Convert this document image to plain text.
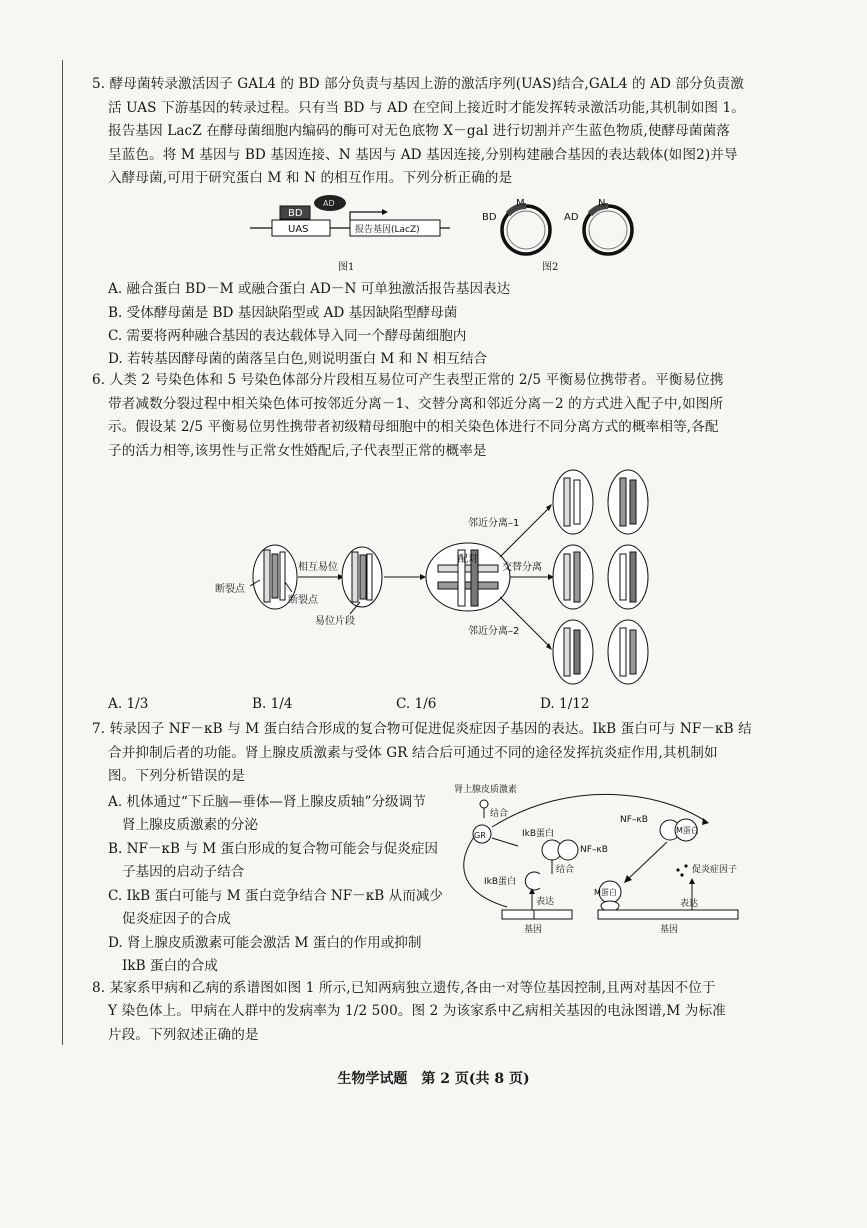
5. 酵母菌转录激活因子 GAL4 的 BD 部分负责与基因上游的激活序列(UAS)结合,GAL4 的 AD 部分负责激
活 UAS 下游基因的转录过程。只有当 BD 与 AD 在空间上接近时才能发挥转录激活功能,其机制如图 1。
报告基因 LacZ 在酵母菌细胞内编码的酶可对无色底物 X－gal 进行切割并产生蓝色物质,使酵母菌菌落
呈蓝色。将 M 基因与 BD 基因连接、N 基因与 AD 基因连接,分别构建融合基因的表达载体(如图2)并导
入酵母菌,可用于研究蛋白 M 和 N 的相互作用。下列分析正确的是
BD
AD
UAS	报告基因(LacZ)
图1
BD
M
AD
N
图2
A. 融合蛋白 BD－M 或融合蛋白 AD－N 可单独激活报告基因表达
B. 受体酵母菌是 BD 基因缺陷型或 AD 基因缺陷型酵母菌
C. 需要将两种融合基因的表达载体导入同一个酵母菌细胞内
D. 若转基因酵母菌的菌落呈白色,则说明蛋白 M 和 N 相互结合
6. 人类 2 号染色体和 5 号染色体部分片段相互易位可产生表型正常的 2/5 平衡易位携带者。平衡易位携
带者减数分裂过程中相关染色体可按邻近分离－1、交替分离和邻近分离－2 的方式进入配子中,如图所
示。假设某 2/5 平衡易位男性携带者初级精母细胞中的相关染色体进行不同分离方式的概率相等,各配
子的活力相等,该男性与正常女性婚配后,子代表型正常的概率是
断裂点
断裂点
相互易位
易位片段
配对
邻近分离–1
交替分离
邻近分离–2
A. 1/3	B. 1/4	C. 1/6	D. 1/12
7. 转录因子 NF－κB 与 M 蛋白结合形成的复合物可促进促炎症因子基因的表达。IkB 蛋白可与 NF－κB 结
合并抑制后者的功能。肾上腺皮质激素与受体 GR 结合后可通过不同的途径发挥抗炎症作用,其机制如
图。下列分析错误的是
A. 机体通过“下丘脑—垂体—肾上腺皮质轴”分级调节
肾上腺皮质激素的分泌
B. NF－κB 与 M 蛋白形成的复合物可能会与促炎症因
子基因的启动子结合
C. IkB 蛋白可能与 M 蛋白竞争结合 NF－κB 从而减少
促炎症因子的合成
D. 肾上腺皮质激素可能会激活 M 蛋白的作用或抑制
IkB 蛋白的合成
肾上腺皮质激素
结合
GR	IkB蛋白
NF–κB
结合
IkB蛋白
表达
基因
NF–κB
M蛋白
M蛋白
表达
促炎症因子
基因
8. 某家系甲病和乙病的系谱图如图 1 所示,已知两病独立遗传,各由一对等位基因控制,且两对基因不位于
Y 染色体上。甲病在人群中的发病率为 1/2 500。图 2 为该家系中乙病相关基因的电泳图谱,M 为标准
片段。下列叙述正确的是
生物学试题　第 2 页(共 8 页)
